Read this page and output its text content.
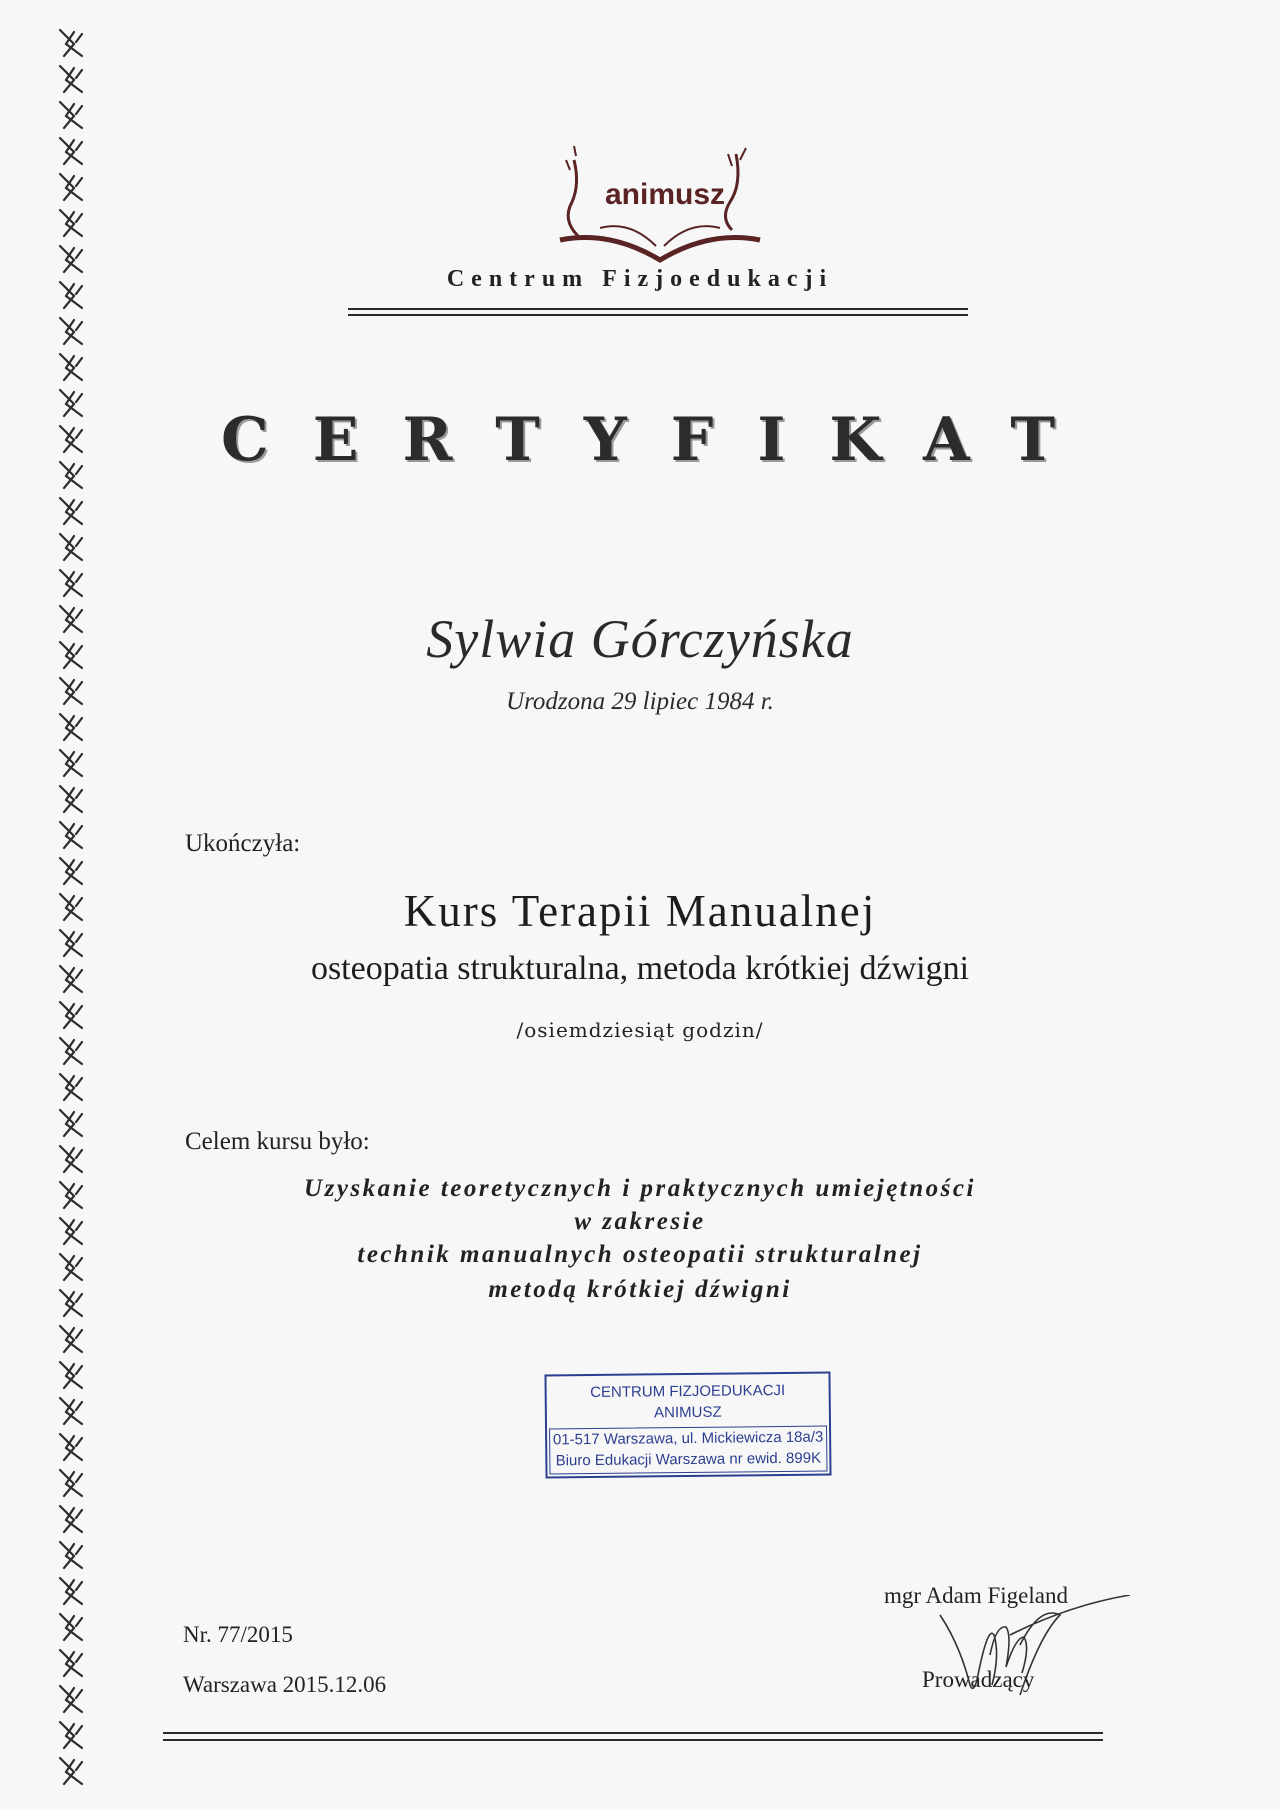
animusz
Centrum Fizjoedukacji
CERTYFIKAT
Sylwia Górczyńska
Urodzona 29 lipiec 1984 r.
Ukończyła:
Kurs Terapii Manualnej
osteopatia strukturalna, metoda krótkiej dźwigni
/osiemdziesiąt godzin/
Celem kursu było:
Uzyskanie teoretycznych i praktycznych umiejętności
w zakresie
technik manualnych osteopatii strukturalnej
metodą krótkiej dźwigni
CENTRUM FIZJOEDUKACJI
ANIMUSZ
01-517 Warszawa, ul. Mickiewicza 18a/3
Biuro Edukacji Warszawa nr ewid. 899K
Nr. 77/2015
Warszawa 2015.12.06
mgr Adam Figeland
Prowadzący
